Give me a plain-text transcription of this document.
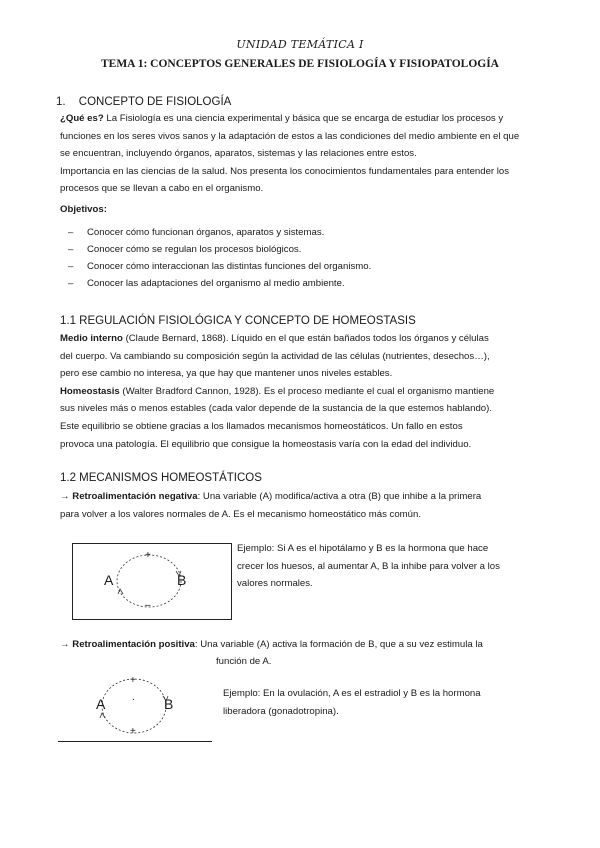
UNIDAD TEMÁTICA I
TEMA 1: CONCEPTOS GENERALES DE FISIOLOGÍA Y FISIOPATOLOGÍA
1. CONCEPTO DE FISIOLOGÍA
¿Qué es? La Fisiología es una ciencia experimental y básica que se encarga de estudiar los procesos y
funciones en los seres vivos sanos y la adaptación de estos a las condiciones del medio ambiente en el que
se encuentran, incluyendo órganos, aparatos, sistemas y las relaciones entre estos.
Importancia en las ciencias de la salud. Nos presenta los conocimientos fundamentales para entender los
procesos que se llevan a cabo en el organismo.
Objetivos:
– Conocer cómo funcionan órganos, aparatos y sistemas.
– Conocer cómo se regulan los procesos biológicos.
– Conocer cómo interaccionan las distintas funciones del organismo.
– Conocer las adaptaciones del organismo al medio ambiente.
1.1 REGULACIÓN FISIOLÓGICA Y CONCEPTO DE HOMEOSTASIS
Medio interno (Claude Bernard, 1868). Líquido en el que están bañados todos los órganos y células
del cuerpo. Va cambiando su composición según la actividad de las células (nutrientes, desechos…),
pero ese cambio no interesa, ya que hay que mantener unos niveles estables.
Homeostasis (Walter Bradford Cannon, 1928). Es el proceso mediante el cual el organismo mantiene
sus niveles más o menos estables (cada valor depende de la sustancia de la que estemos hablando).
Este equilibrio se obtiene gracias a los llamados mecanismos homeostáticos. Un fallo en estos
provoca una patología. El equilibrio que consigue la homeostasis varía con la edad del individuo.
1.2 MECANISMOS HOMEOSTÁTICOS
→ Retroalimentación negativa: Una variable (A) modifica/activa a otra (B) que inhibe a la primera
para volver a los valores normales de A. Es el mecanismo homeostático más común.
A	B
+
–
Ejemplo: Si A es el hipotálamo y B es la hormona que hace
crecer los huesos, al aumentar A, B la inhibe para volver a los
valores normales.
→ Retroalimentación positiva: Una variable (A) activa la formación de B, que a su vez estimula la
función de A.
A	B
+
+
.	Ejemplo: En la ovulación, A es el estradiol y B es la hormona
liberadora (gonadotropina).
